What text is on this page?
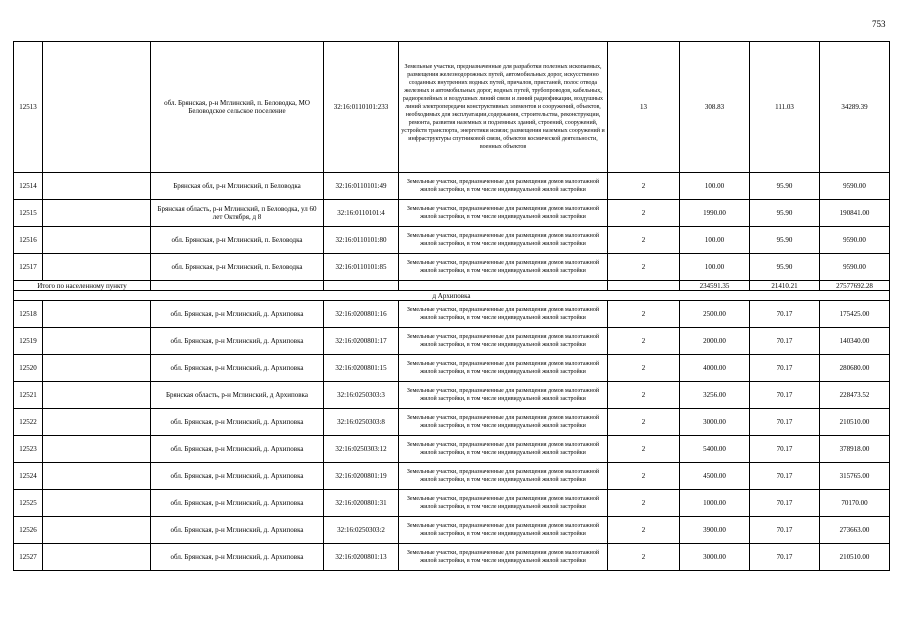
753
12513		обл. Брянская, р-н Мглинский, п. Беловодка, МО Беловодское сельское поселение	32:16:0110101:233	Земельные участки, предназначенные для разработки полезных ископаемых, размещения железнодорожных путей, автомобильных дорог, искусственно созданных внутренних водных путей, причалов, пристаней, полос отвода железных и автомобильных дорог, водных путей, трубопроводов, кабельных, радиорелейных и воздушных линий связи и линий радиофикации, воздушных линий электропередачи конструктивных элементов и сооружений, объектов, необходимых для эксплуатации,содержания, строительства, реконструкции, ремонта, развития наземных и подземных зданий, строений, сооружений, устройств транспорта, энергетики исвязи; размещения наземных сооружений и инфраструктуры спутниковой связи, объектов космической деятельности, военных объектов	13	308.83	111.03	34289.39
12514		Брянская обл, р-н Мглинский, п Беловодка	32:16:0110101:49	Земельные участки, предназначенные для размещения домов малоэтажной жилой застройки, в том числе индивидуальной жилой застройки	2	100.00	95.90	9590.00
12515		Брянская область, р-н Мглинский, п Беловодка, ул 60 лет Октября, д 8	32:16:0110101:4	Земельные участки, предназначенные для размещения домов малоэтажной жилой застройки, в том числе индивидуальной жилой застройки	2	1990.00	95.90	190841.00
12516		обл. Брянская, р-н Мглинский, п. Беловодка	32:16:0110101:80	Земельные участки, предназначенные для размещения домов малоэтажной жилой застройки, в том числе индивидуальной жилой застройки	2	100.00	95.90	9590.00
12517		обл. Брянская, р-н Мглинский, п. Беловодка	32:16:0110101:85	Земельные участки, предназначенные для размещения домов малоэтажной жилой застройки, в том числе индивидуальной жилой застройки	2	100.00	95.90	9590.00
Итого по населенному пункту						234591.35	21410.21	27577692.28
д Архиповка								
12518		обл. Брянская, р-н Мглинский, д. Архиповка	32:16:0200801:16	Земельные участки, предназначенные для размещения домов малоэтажной жилой застройки, в том числе индивидуальной жилой застройки	2	2500.00	70.17	175425.00
12519		обл. Брянская, р-н Мглинский, д. Архиповка	32:16:0200801:17	Земельные участки, предназначенные для размещения домов малоэтажной жилой застройки, в том числе индивидуальной жилой застройки	2	2000.00	70.17	140340.00
12520		обл. Брянская, р-н Мглинский, д. Архиповка	32:16:0200801:15	Земельные участки, предназначенные для размещения домов малоэтажной жилой застройки, в том числе индивидуальной жилой застройки	2	4000.00	70.17	280680.00
12521		Брянская область, р-н Мглинский, д Архиповка	32:16:0250303:3	Земельные участки, предназначенные для размещения домов малоэтажной жилой застройки, в том числе индивидуальной жилой застройки	2	3256.00	70.17	228473.52
12522		обл. Брянская, р-н Мглинский, д. Архиповка	32:16:0250303:8	Земельные участки, предназначенные для размещения домов малоэтажной жилой застройки, в том числе индивидуальной жилой застройки	2	3000.00	70.17	210510.00
12523		обл. Брянская, р-н Мглинский, д. Архиповка	32:16:0250303:12	Земельные участки, предназначенные для размещения домов малоэтажной жилой застройки, в том числе индивидуальной жилой застройки	2	5400.00	70.17	378918.00
12524		обл. Брянская, р-н Мглинский, д. Архиповка	32:16:0200801:19	Земельные участки, предназначенные для размещения домов малоэтажной жилой застройки, в том числе индивидуальной жилой застройки	2	4500.00	70.17	315765.00
12525		обл. Брянская, р-н Мглинский, д. Архиповка	32:16:0200801:31	Земельные участки, предназначенные для размещения домов малоэтажной жилой застройки, в том числе индивидуальной жилой застройки	2	1000.00	70.17	70170.00
12526		обл. Брянская, р-н Мглинский, д. Архиповка	32:16:0250303:2	Земельные участки, предназначенные для размещения домов малоэтажной жилой застройки, в том числе индивидуальной жилой застройки	2	3900.00	70.17	273663.00
12527		обл. Брянская, р-н Мглинский, д. Архиповка	32:16:0200801:13	Земельные участки, предназначенные для размещения домов малоэтажной жилой застройки, в том числе индивидуальной жилой застройки	2	3000.00	70.17	210510.00
